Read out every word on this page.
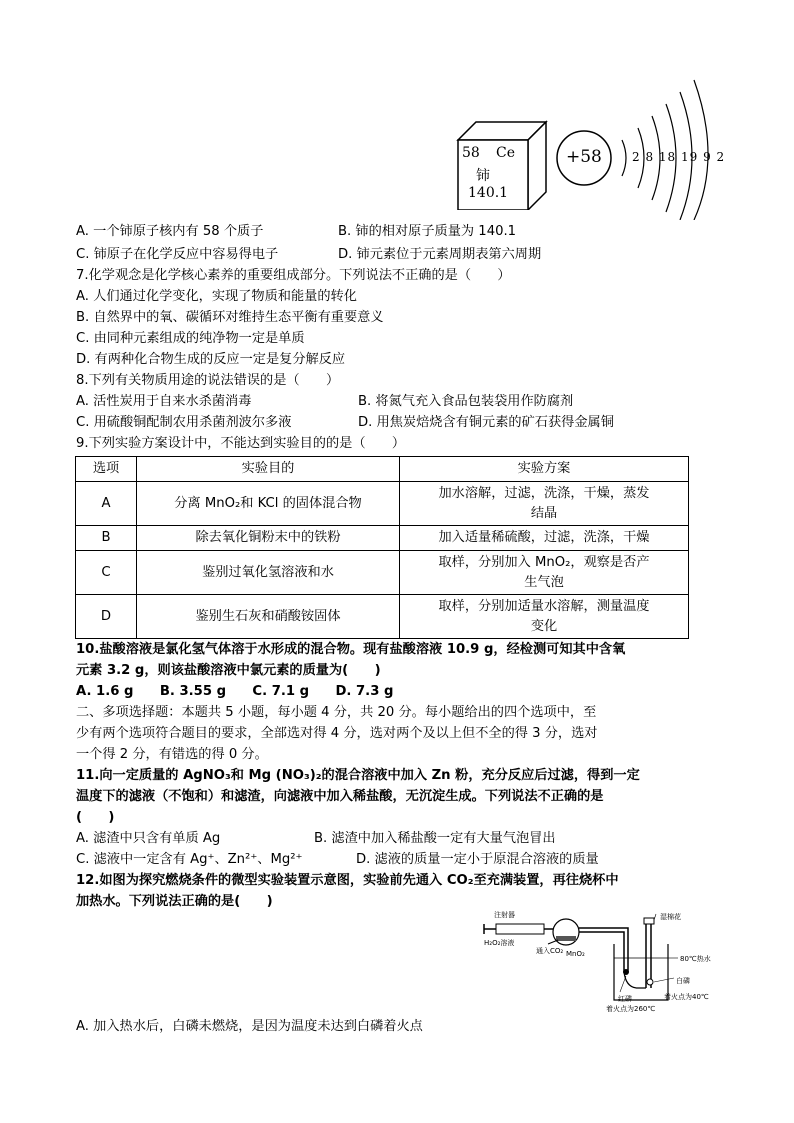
58 Ce
铈
140.1
+58	2 8 18 19 9 2
A. 一个铈原子核内有 58 个质子	B. 铈的相对原子质量为 140.1
C. 铈原子在化学反应中容易得电子	D. 铈元素位于元素周期表第六周期
7.化学观念是化学核心素养的重要组成部分。下列说法不正确的是（　　）
A. 人们通过化学变化，实现了物质和能量的转化
B. 自然界中的氧、碳循环对维持生态平衡有重要意义
C. 由同种元素组成的纯净物一定是单质
D. 有两种化合物生成的反应一定是复分解反应
8.下列有关物质用途的说法错误的是（　　）
A. 活性炭用于自来水杀菌消毒	B. 将氮气充入食品包装袋用作防腐剂
C. 用硫酸铜配制农用杀菌剂波尔多液	D. 用焦炭焙烧含有铜元素的矿石获得金属铜
9.下列实验方案设计中，不能达到实验目的的是（　　）
选项	实验目的	实验方案
A	分离 MnO₂和 KCl 的固体混合物	加水溶解，过滤，洗涤，干燥，蒸发
结晶

B	除去氧化铜粉末中的铁粉	加入适量稀硫酸，过滤，洗涤，干燥

C	鉴别过氧化氢溶液和水	取样，分别加入 MnO₂，观察是否产
生气泡

D	鉴别生石灰和硝酸铵固体	取样，分别加适量水溶解，测量温度
变化
10.盐酸溶液是氯化氢气体溶于水形成的混合物。现有盐酸溶液 10.9 g，经检测可知其中含氧
元素 3.2 g，则该盐酸溶液中氯元素的质量为(　　)
A. 1.6 g　　B. 3.55 g　　C. 7.1 g　　D. 7.3 g
二、多项选择题：本题共 5 小题，每小题 4 分，共 20 分。每小题给出的四个选项中，至
少有两个选项符合题目的要求，全部选对得 4 分，选对两个及以上但不全的得 3 分，选对
一个得 2 分，有错选的得 0 分。
11.向一定质量的 AgNO₃和 Mg (NO₃)₂的混合溶液中加入 Zn 粉，充分反应后过滤，得到一定
温度下的滤液（不饱和）和滤渣，向滤液中加入稀盐酸，无沉淀生成。下列说法不正确的是
(　　)
A. 滤渣中只含有单质 Ag	B. 滤渣中加入稀盐酸一定有大量气泡冒出
C. 滤液中一定含有 Ag⁺、Zn²⁺、Mg²⁺	D. 滤液的质量一定小于原混合溶液的质量
12.如图为探究燃烧条件的微型实验装置示意图，实验前先通入 CO₂至充满装置，再往烧杯中
加热水。下列说法正确的是(　　)
注射器
H₂O₂溶液
通入CO₂ MnO₂
湿棉花
80℃热水
白磷
着火点为40℃
红磷
着火点为260℃
A. 加入热水后，白磷未燃烧，是因为温度未达到白磷着火点
